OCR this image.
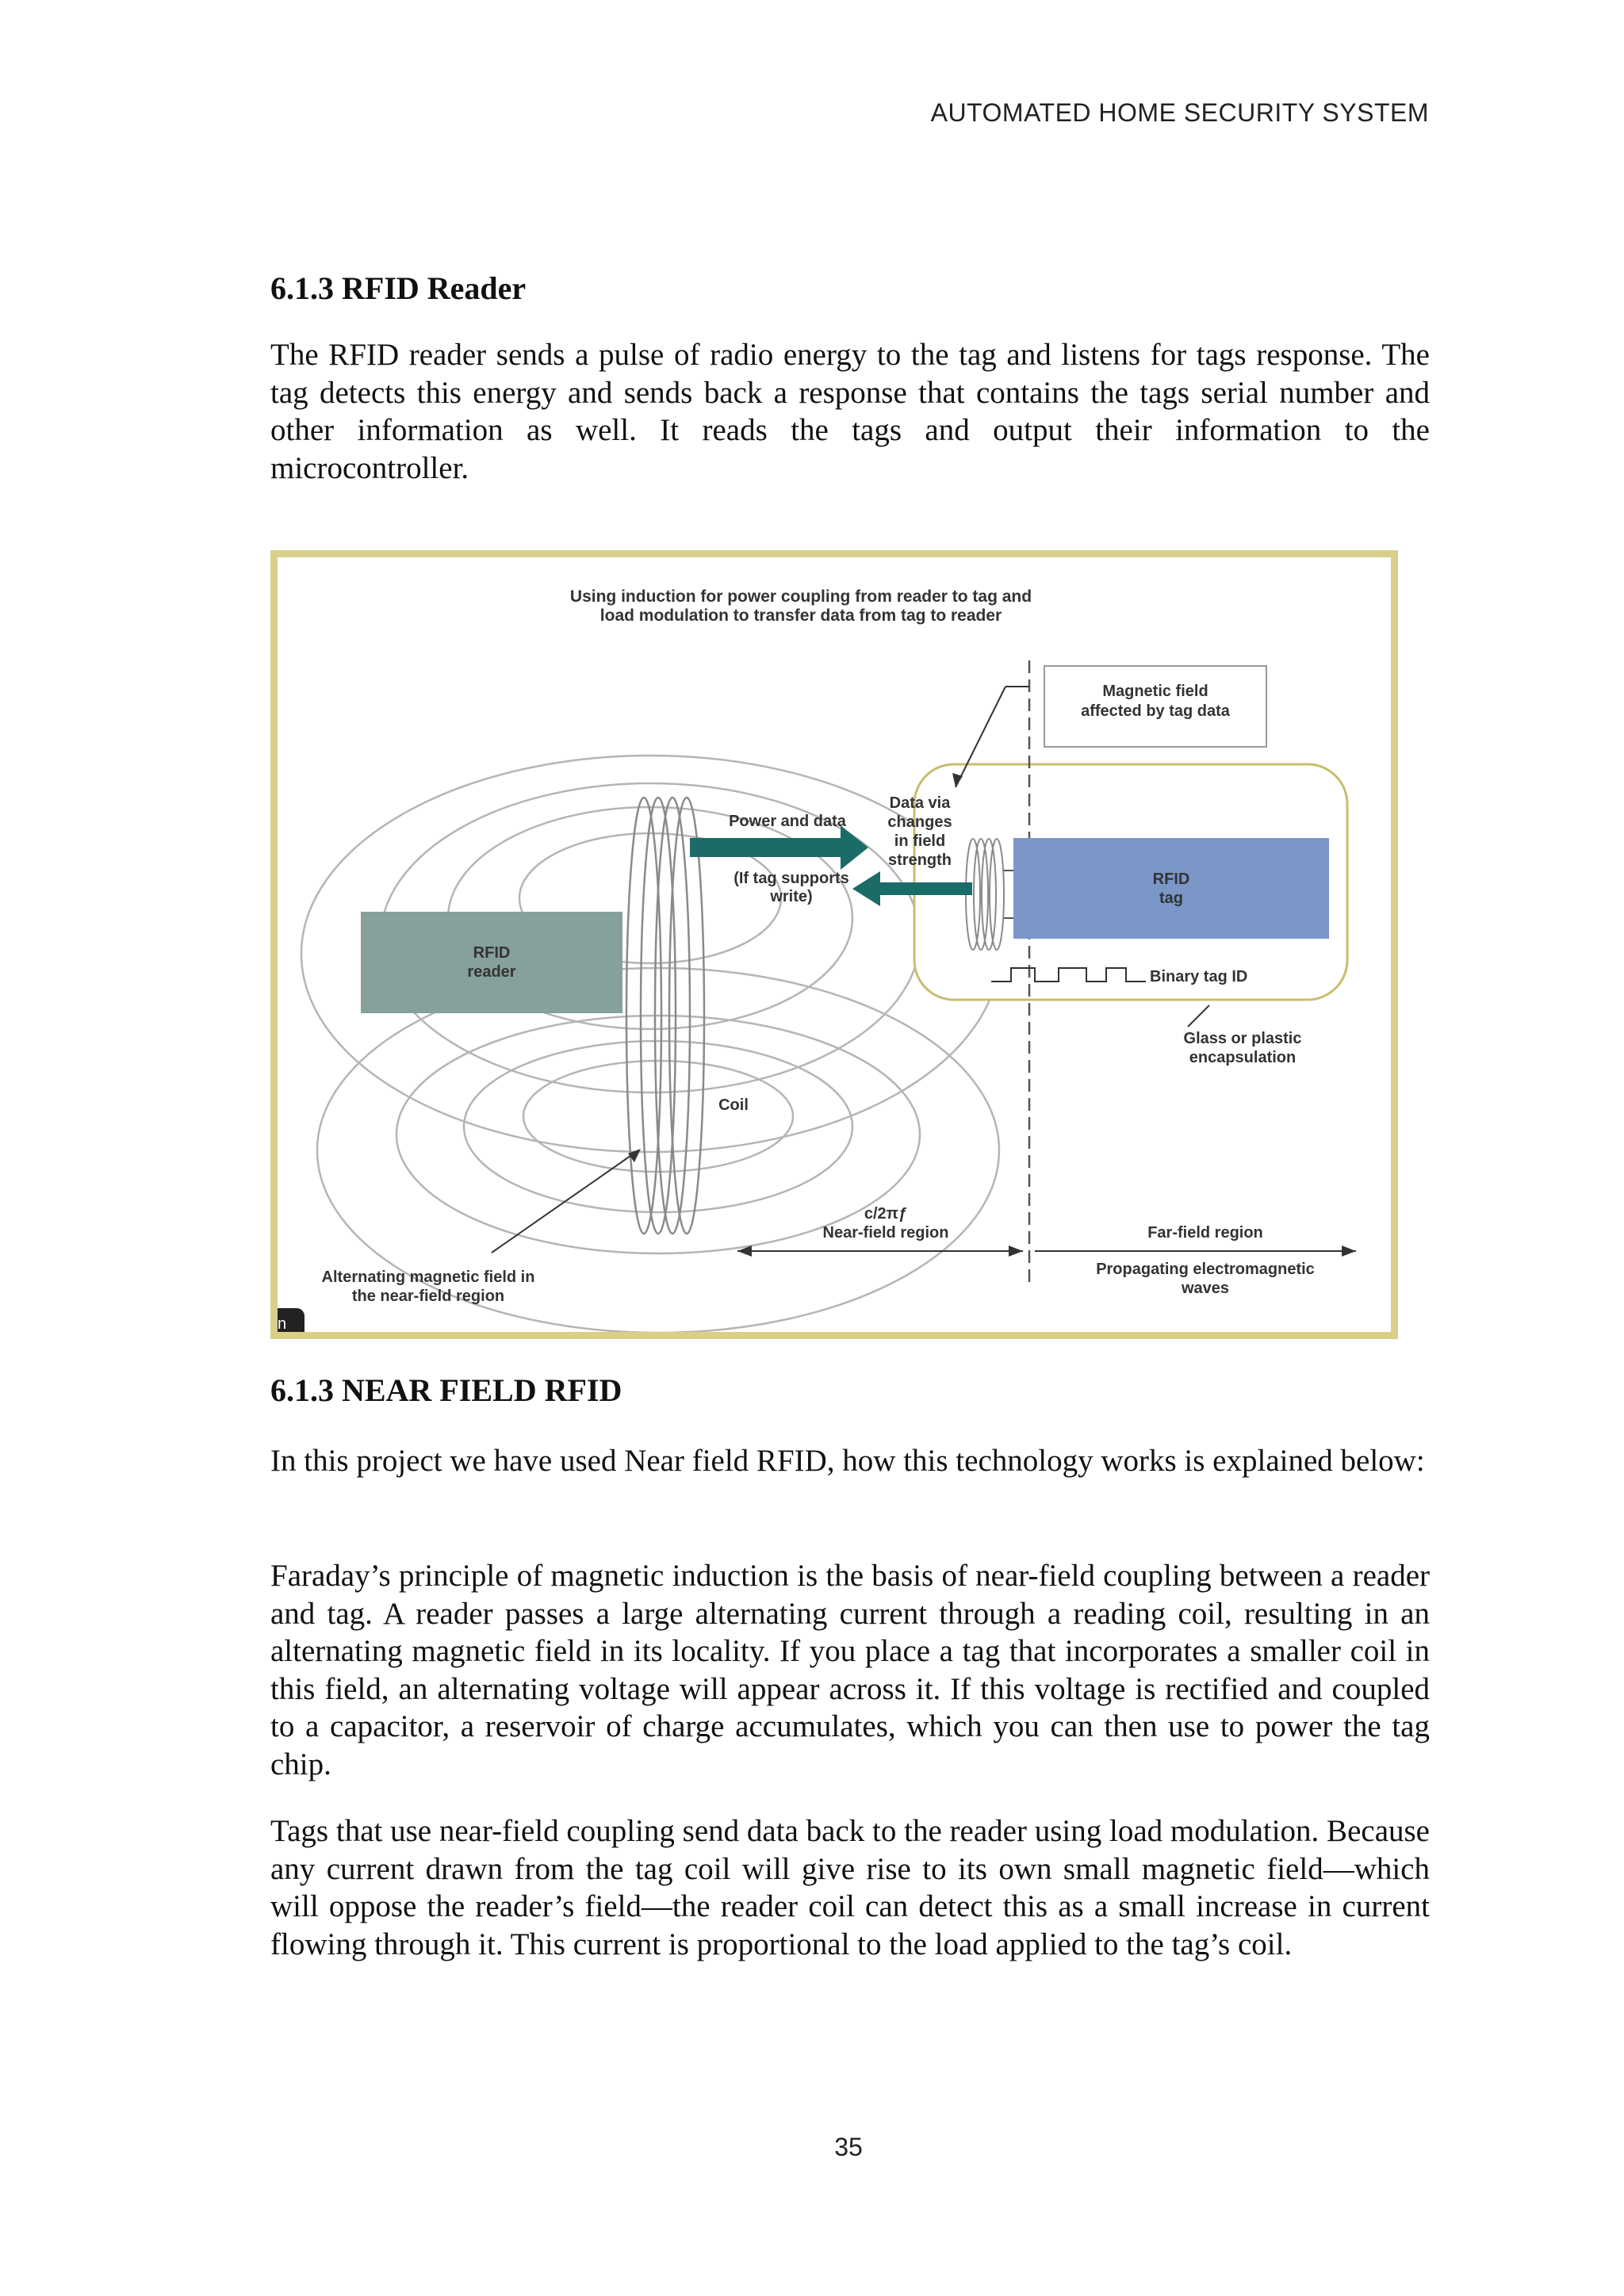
AUTOMATED HOME SECURITY SYSTEM
6.1.3 RFID Reader

The RFID reader sends a pulse of radio energy to the tag and listens for tags response. The tag detects this energy and sends back a response that contains the tags serial number and other information as well. It reads the tags and output their information to the microcontroller.

Magnetic field
affected by tag data
RFID
tag
RFID
reader
Using induction for power coupling from reader to tag and
load modulation to transfer data from tag to reader
Power and data
(If tag supports
write)
Data via
changes
in field
strength
Binary tag ID
Glass or plastic
encapsulation
Coil
c/2πƒ
Near-field region	Far-field region
Propagating electromagnetic
waves
Alternating magnetic field in
the near-field region
n
6.1.3 NEAR FIELD RFID

In this project we have used Near field RFID, how this technology works is explained below:

Faraday’s principle of magnetic induction is the basis of near-field coupling between a reader and tag. A reader passes a large alternating current through a reading coil, resulting in an alternating magnetic field in its locality. If you place a tag that incorporates a smaller coil in this field, an alternating voltage will appear across it. If this voltage is rectified and coupled to a capacitor, a reservoir of charge accumulates, which you can then use to power the tag chip.

Tags that use near-field coupling send data back to the reader using load modulation. Because any current drawn from the tag coil will give rise to its own small magnetic field—which will oppose the reader’s field—the reader coil can detect this as a small increase in current flowing through it. This current is proportional to the load applied to the tag’s coil.

35
